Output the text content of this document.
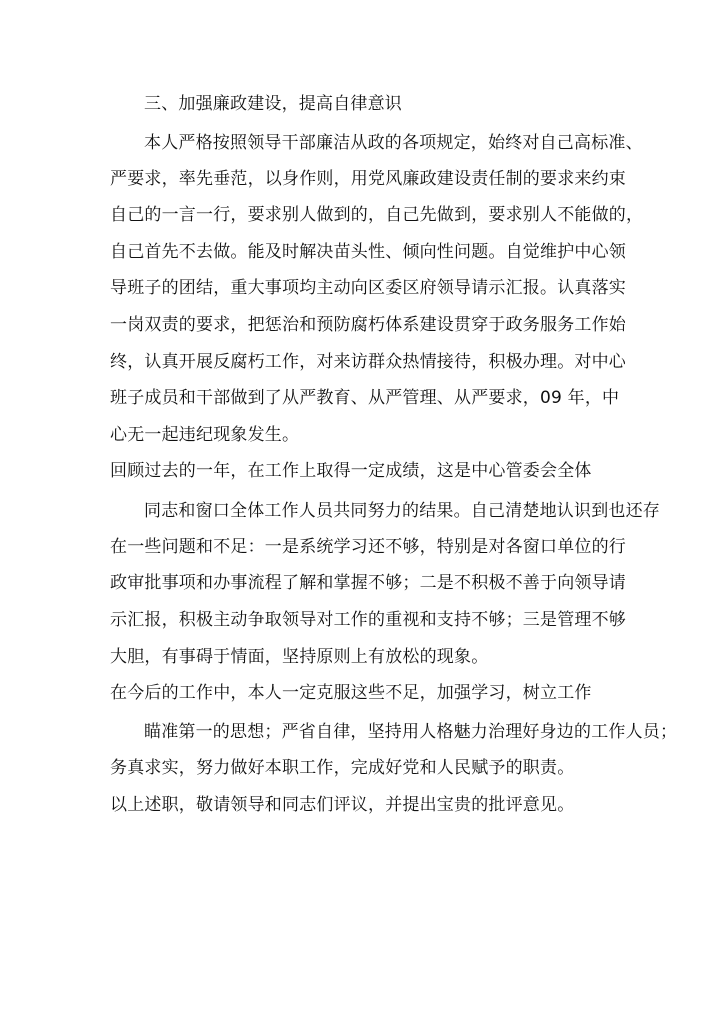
三、加强廉政建设，提高自律意识
本人严格按照领导干部廉洁从政的各项规定，始终对自己高标准、
严要求，率先垂范，以身作则，用党风廉政建设责任制的要求来约束
自己的一言一行，要求别人做到的，自己先做到，要求别人不能做的，
自己首先不去做。能及时解决苗头性、倾向性问题。自觉维护中心领
导班子的团结，重大事项均主动向区委区府领导请示汇报。认真落实
一岗双责的要求，把惩治和预防腐朽体系建设贯穿于政务服务工作始
终，认真开展反腐朽工作，对来访群众热情接待，积极办理。对中心
班子成员和干部做到了从严教育、从严管理、从严要求，09 年，中
心无一起违纪现象发生。
回顾过去的一年，在工作上取得一定成绩，这是中心管委会全体
同志和窗口全体工作人员共同努力的结果。自己清楚地认识到也还存
在一些问题和不足：一是系统学习还不够，特别是对各窗口单位的行
政审批事项和办事流程了解和掌握不够；二是不积极不善于向领导请
示汇报，积极主动争取领导对工作的重视和支持不够；三是管理不够
大胆，有事碍于情面，坚持原则上有放松的现象。
在今后的工作中，本人一定克服这些不足，加强学习，树立工作
瞄准第一的思想；严省自律，坚持用人格魅力治理好身边的工作人员；
务真求实，努力做好本职工作，完成好党和人民赋予的职责。
以上述职，敬请领导和同志们评议，并提出宝贵的批评意见。
